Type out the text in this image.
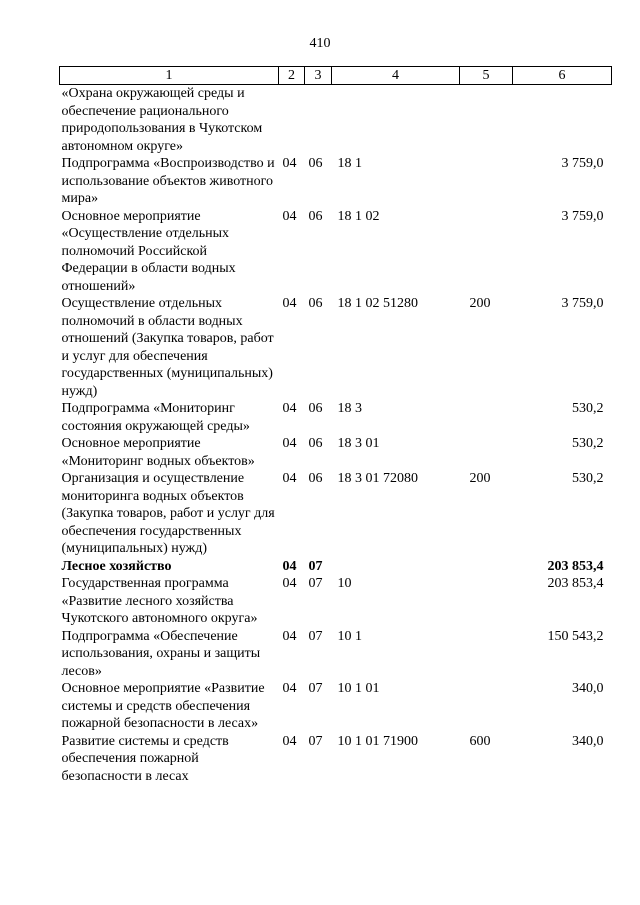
410
1	2	3	4	5	6
«Охрана окружающей среды и обеспечение рационального природопользования в Чукотском автономном округе»					
Подпрограмма «Воспроизводство и использование объектов животного мира»	04	06	18 1		3 759,0
Основное мероприятие «Осуществление отдельных полномочий Российской Федерации в области водных отношений»	04	06	18 1 02		3 759,0
Осуществление отдельных полномочий в области водных отношений (Закупка товаров, работ и услуг для обеспечения государственных (муниципальных) нужд)	04	06	18 1 02 51280	200	3 759,0
Подпрограмма «Мониторинг состояния окружающей среды»	04	06	18 3		530,2
Основное мероприятие «Мониторинг водных объектов»	04	06	18 3 01		530,2
Организация и осуществление мониторинга водных объектов (Закупка товаров, работ и услуг для обеспечения государственных (муниципальных) нужд)	04	06	18 3 01 72080	200	530,2
Лесное хозяйство	04	07			203 853,4
Государственная программа «Развитие лесного хозяйства Чукотского автономного округа»	04	07	10		203 853,4
Подпрограмма «Обеспечение использования, охраны и защиты лесов»	04	07	10 1		150 543,2
Основное мероприятие «Развитие системы и средств обеспечения пожарной безопасности в лесах»	04	07	10 1 01		340,0
Развитие системы и средств обеспечения пожарной безопасности в лесах	04	07	10 1 01 71900	600	340,0
